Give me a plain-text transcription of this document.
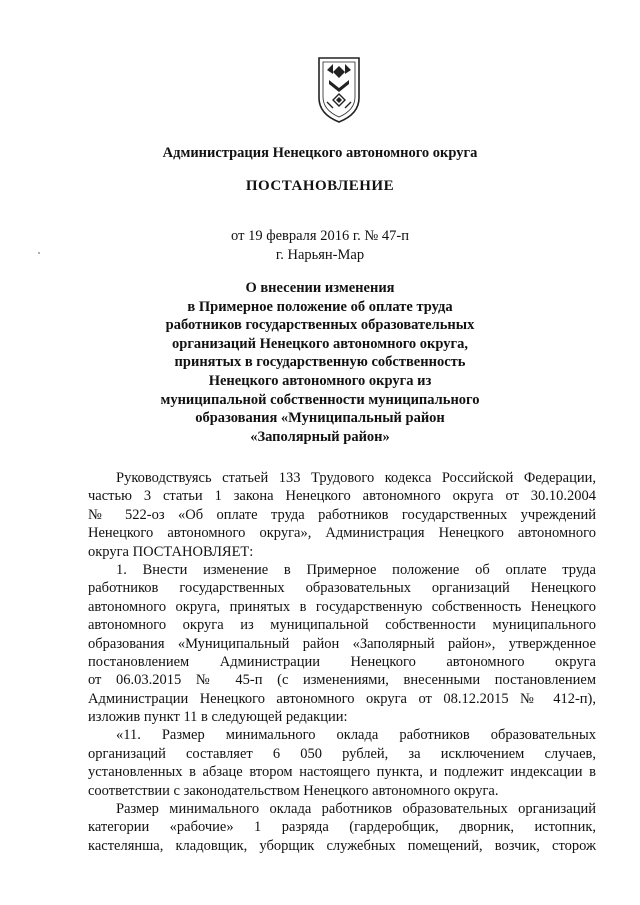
Администрация Ненецкого автономного округа
ПОСТАНОВЛЕНИЕ
от 19 февраля 2016 г. № 47-п
г. Нарьян-Мар
О внесении изменения
в Примерное положение об оплате труда
работников государственных образовательных
организаций Ненецкого автономного округа,
принятых в государственную собственность
Ненецкого автономного округа из
муниципальной собственности муниципального
образования «Муниципальный район
«Заполярный район»
Руководствуясь статьей 133 Трудового кодекса Российской Федерации,
частью 3 статьи 1 закона Ненецкого автономного округа от 30.10.2004
№ 522-оз «Об оплате труда работников государственных учреждений
Ненецкого автономного округа», Администрация Ненецкого автономного
округа ПОСТАНОВЛЯЕТ:
1. Внести изменение в Примерное положение об оплате труда
работников государственных образовательных организаций Ненецкого
автономного округа, принятых в государственную собственность Ненецкого
автономного округа из муниципальной собственности муниципального
образования «Муниципальный район «Заполярный район», утвержденное
постановлением Администрации Ненецкого автономного округа
от 06.03.2015 № 45-п (с изменениями, внесенными постановлением
Администрации Ненецкого автономного округа от 08.12.2015 № 412-п),
изложив пункт 11 в следующей редакции:
«11. Размер минимального оклада работников образовательных
организаций составляет 6 050 рублей, за исключением случаев,
установленных в абзаце втором настоящего пункта, и подлежит индексации в
соответствии с законодательством Ненецкого автономного округа.
Размер минимального оклада работников образовательных организаций
категории «рабочие» 1 разряда (гардеробщик, дворник, истопник,
кастелянша, кладовщик, уборщик служебных помещений, возчик, сторож
